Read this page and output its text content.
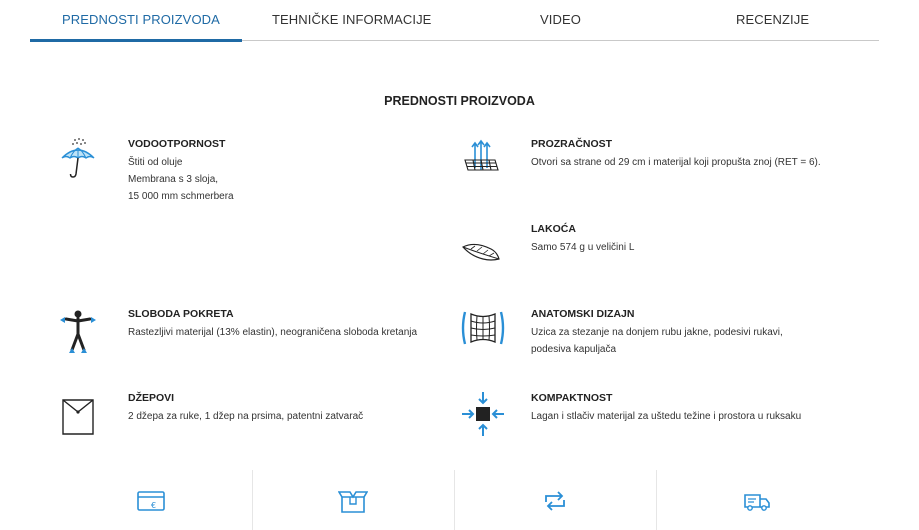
PREDNOSTI PROIZVODA	TEHNIČKE INFORMACIJE	VIDEO	RECENZIJE
PREDNOSTI PROIZVODA
VODOOTPORNOST
Štiti od oluje
Membrana s 3 sloja,
15 000 mm schmerbera
PROZRAČNOST
Otvori sa strane od 29 cm i materijal koji propušta znoj (RET = 6).
LAKOĆA
Samo 574 g u veličini L
SLOBODA POKRETA
Rastezljivi materijal (13% elastin), neograničena sloboda kretanja
ANATOMSKI DIZAJN
Uzica za stezanje na donjem rubu jakne, podesivi rukavi,
podesiva kapuljača
DŽEPOVI
2 džepa za ruke, 1 džep na prsima, patentni zatvarač
KOMPAKTNOST
Lagan i stlačiv materijal za uštedu težine i prostora u ruksaku
€
